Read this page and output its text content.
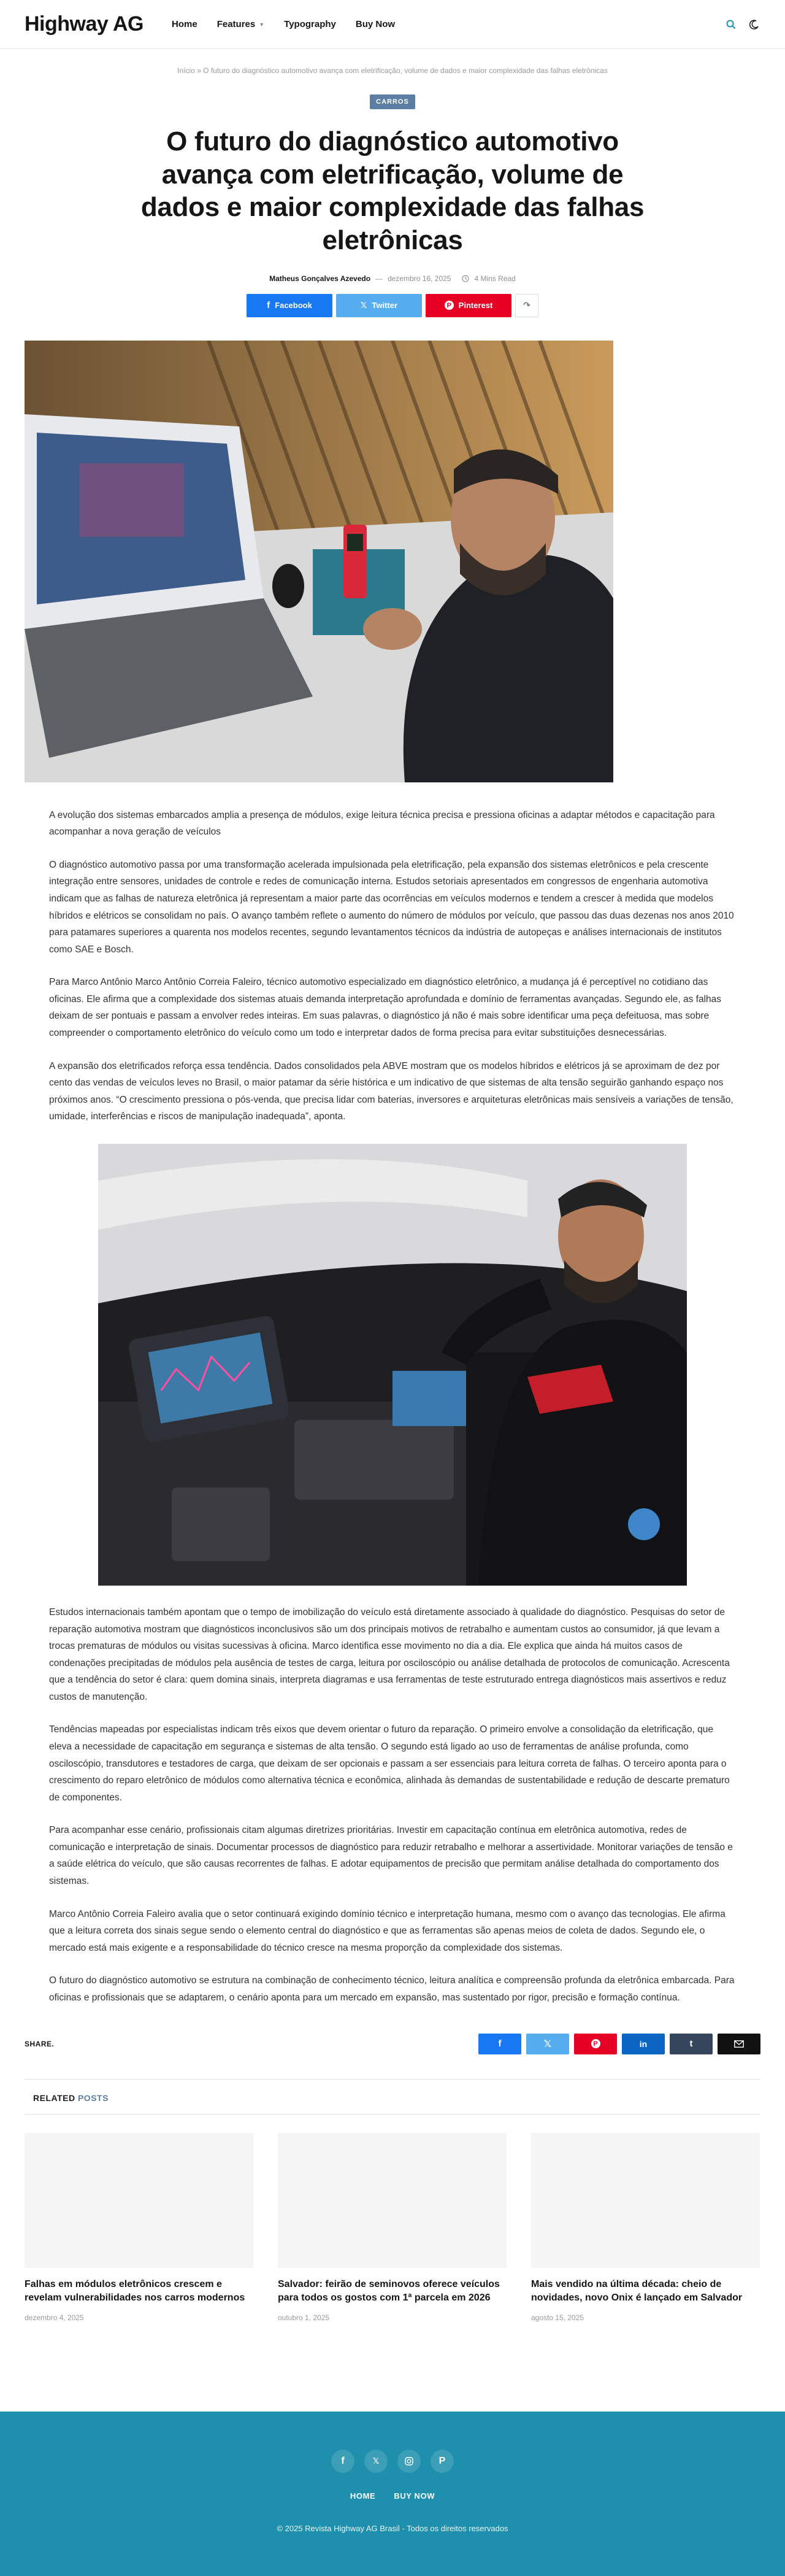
Highway AG	Home Features ▼ Typography Buy Now
Início » O futuro do diagnóstico automotivo avança com eletrificação, volume de dados e maior complexidade das falhas eletrônicas
CARROS
O futuro do diagnóstico automotivo avança com eletrificação, volume de dados e maior complexidade das falhas eletrônicas
Matheus Gonçalves Azevedo — dezembro 16, 2025	4 Mins Read
f Facebook	𝕏 Twitter	P Pinterest	↷

A evolução dos sistemas embarcados amplia a presença de módulos, exige leitura técnica precisa e pressiona oficinas a adaptar métodos e capacitação para acompanhar a nova geração de veículos

O diagnóstico automotivo passa por uma transformação acelerada impulsionada pela eletrificação, pela expansão dos sistemas eletrônicos e pela crescente integração entre sensores, unidades de controle e redes de comunicação interna. Estudos setoriais apresentados em congressos de engenharia automotiva indicam que as falhas de natureza eletrônica já representam a maior parte das ocorrências em veículos modernos e tendem a crescer à medida que modelos híbridos e elétricos se consolidam no país. O avanço também reflete o aumento do número de módulos por veículo, que passou das duas dezenas nos anos 2010 para patamares superiores a quarenta nos modelos recentes, segundo levantamentos técnicos da indústria de autopeças e análises internacionais de institutos como SAE e Bosch.

Para Marco Antônio Marco Antônio Correia Faleiro, técnico automotivo especializado em diagnóstico eletrônico, a mudança já é perceptível no cotidiano das oficinas. Ele afirma que a complexidade dos sistemas atuais demanda interpretação aprofundada e domínio de ferramentas avançadas. Segundo ele, as falhas deixam de ser pontuais e passam a envolver redes inteiras. Em suas palavras, o diagnóstico já não é mais sobre identificar uma peça defeituosa, mas sobre compreender o comportamento eletrônico do veículo como um todo e interpretar dados de forma precisa para evitar substituições desnecessárias.

A expansão dos eletrificados reforça essa tendência. Dados consolidados pela ABVE mostram que os modelos híbridos e elétricos já se aproximam de dez por cento das vendas de veículos leves no Brasil, o maior patamar da série histórica e um indicativo de que sistemas de alta tensão seguirão ganhando espaço nos próximos anos. “O crescimento pressiona o pós-venda, que precisa lidar com baterias, inversores e arquiteturas eletrônicas mais sensíveis a variações de tensão, umidade, interferências e riscos de manipulação inadequada”, aponta.

Estudos internacionais também apontam que o tempo de imobilização do veículo está diretamente associado à qualidade do diagnóstico. Pesquisas do setor de reparação automotiva mostram que diagnósticos inconclusivos são um dos principais motivos de retrabalho e aumentam custos ao consumidor, já que levam a trocas prematuras de módulos ou visitas sucessivas à oficina. Marco identifica esse movimento no dia a dia. Ele explica que ainda há muitos casos de condenações precipitadas de módulos pela ausência de testes de carga, leitura por osciloscópio ou análise detalhada de protocolos de comunicação. Acrescenta que a tendência do setor é clara: quem domina sinais, interpreta diagramas e usa ferramentas de teste estruturado entrega diagnósticos mais assertivos e reduz custos de manutenção.

Tendências mapeadas por especialistas indicam três eixos que devem orientar o futuro da reparação. O primeiro envolve a consolidação da eletrificação, que eleva a necessidade de capacitação em segurança e sistemas de alta tensão. O segundo está ligado ao uso de ferramentas de análise profunda, como osciloscópio, transdutores e testadores de carga, que deixam de ser opcionais e passam a ser essenciais para leitura correta de falhas. O terceiro aponta para o crescimento do reparo eletrônico de módulos como alternativa técnica e econômica, alinhada às demandas de sustentabilidade e redução de descarte prematuro de componentes.

Para acompanhar esse cenário, profissionais citam algumas diretrizes prioritárias. Investir em capacitação contínua em eletrônica automotiva, redes de comunicação e interpretação de sinais. Documentar processos de diagnóstico para reduzir retrabalho e melhorar a assertividade. Monitorar variações de tensão e a saúde elétrica do veículo, que são causas recorrentes de falhas. E adotar equipamentos de precisão que permitam análise detalhada do comportamento dos sistemas.

Marco Antônio Correia Faleiro avalia que o setor continuará exigindo domínio técnico e interpretação humana, mesmo com o avanço das tecnologias. Ele afirma que a leitura correta dos sinais segue sendo o elemento central do diagnóstico e que as ferramentas são apenas meios de coleta de dados. Segundo ele, o mercado está mais exigente e a responsabilidade do técnico cresce na mesma proporção da complexidade dos sistemas.

O futuro do diagnóstico automotivo se estrutura na combinação de conhecimento técnico, leitura analítica e compreensão profunda da eletrônica embarcada. Para oficinas e profissionais que se adaptarem, o cenário aponta para um mercado em expansão, mas sustentado por rigor, precisão e formação contínua.

SHARE.	f	𝕏	P	in	t
RELATED POSTS
Falhas em módulos eletrônicos crescem e revelam vulnerabilidades nos carros modernos
dezembro 4, 2025
Salvador: feirão de seminovos oferece veículos para todos os gostos com 1ª parcela em 2026
outubro 1, 2025
Mais vendido na última década: cheio de novidades, novo Onix é lançado em Salvador
agosto 15, 2025
f	𝕏	P
HOME BUY NOW
© 2025 Revista Highway AG Brasil - Todos os direitos reservados
